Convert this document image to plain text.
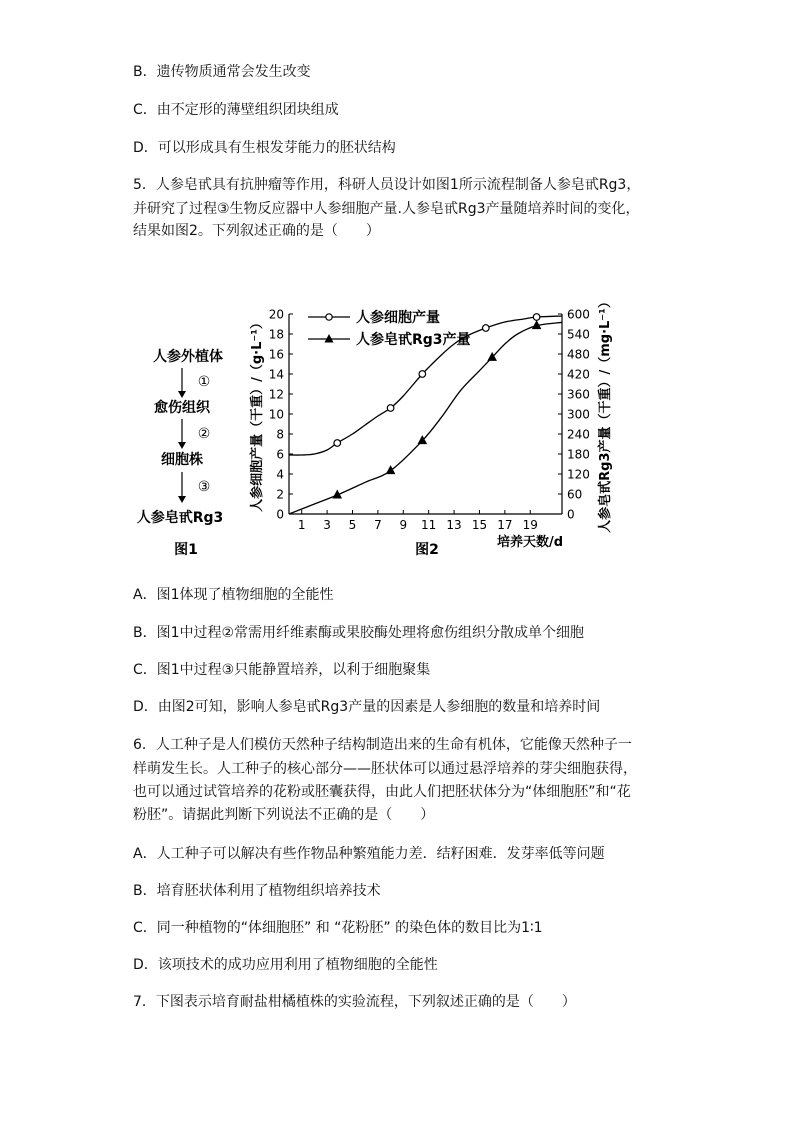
B．遗传物质通常会发生改变
C．由不定形的薄壁组织团块组成
D．可以形成具有生根发芽能力的胚状结构
5．人参皂甙具有抗肿瘤等作用，科研人员设计如图1所示流程制备人参皂甙Rg3，
并研究了过程③生物反应器中人参细胞产量.人参皂甙Rg3产量随培养时间的变化，
结果如图2。下列叙述正确的是（　　）
A．图1体现了植物细胞的全能性
B．图1中过程②常需用纤维素酶或果胶酶处理将愈伤组织分散成单个细胞
C．图1中过程③只能静置培养，以利于细胞聚集
D．由图2可知，影响人参皂甙Rg3产量的因素是人参细胞的数量和培养时间
6．人工种子是人们模仿天然种子结构制造出来的生命有机体，它能像天然种子一
样萌发生长。人工种子的核心部分——胚状体可以通过悬浮培养的芽尖细胞获得，
也可以通过试管培养的花粉或胚囊获得，由此人们把胚状体分为“体细胞胚”和“花
粉胚”。请据此判断下列说法不正确的是（　　）
A．人工种子可以解决有些作物品种繁殖能力差．结籽困难．发芽率低等问题
B．培育胚状体利用了植物组织培养技术
C．同一种植物的“体细胞胚” 和 “花粉胚” 的染色体的数目比为1∶1
D．该项技术的成功应用利用了植物细胞的全能性
7．下图表示培育耐盐柑橘植株的实验流程，下列叙述正确的是（　　）
人参外植体
①
愈伤组织
②
细胞株
③
人参皂甙Rg3
图1
1 3 5 7 9 11 13 15 17 19
0
2
4
6
8
10
12
14
16
18
20
0
60
120
180
240
300
360
420
480
540
600
人参细胞产量
人参皂甙Rg3产量
人参细胞产量（干重）/（g·L⁻¹）	人参皂甙Rg3产量（干重）/（mg·L⁻¹）
培养天数/d
图2
